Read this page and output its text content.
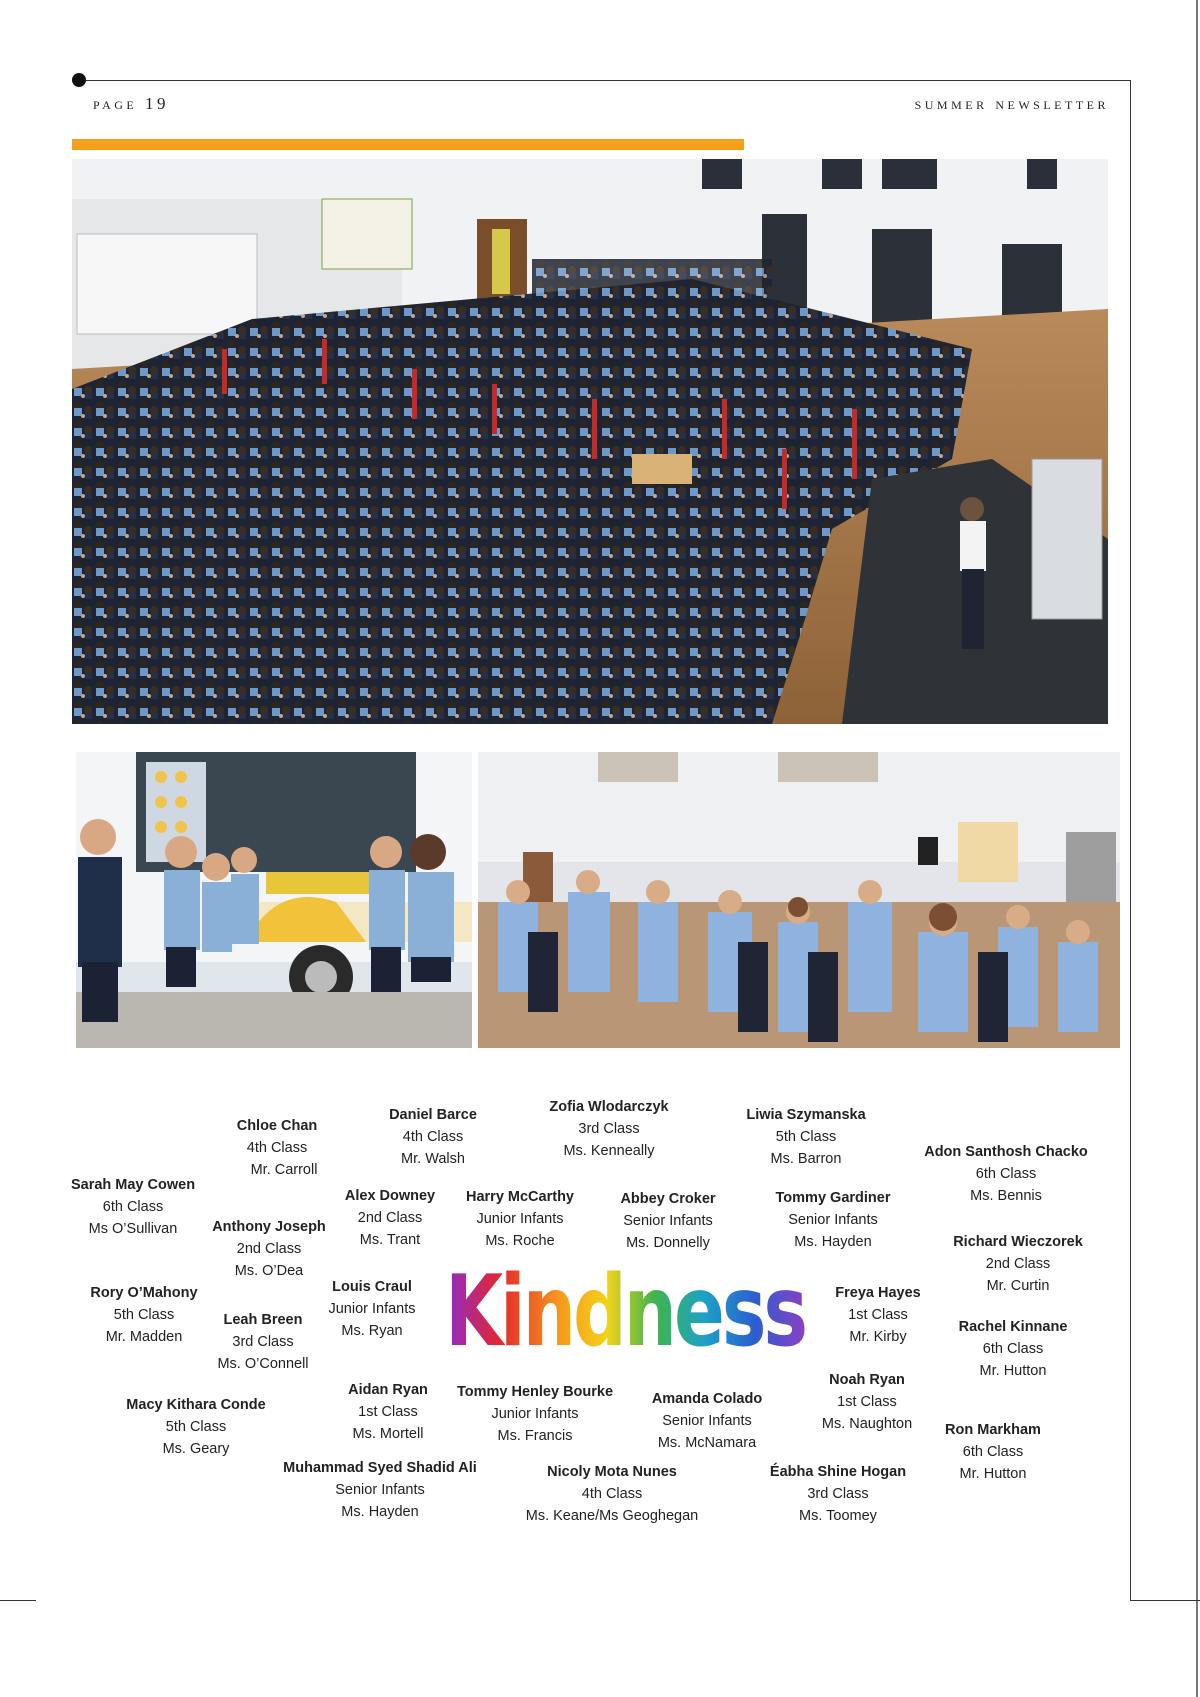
page 19	summer newsletter
Kindness
Chloe Chan
4th Class
Mr. Carroll
Daniel Barce
4th Class
Mr. Walsh
Zofia Wlodarczyk
3rd Class
Ms. Kenneally
Liwia Szymanska
5th Class
Ms. Barron	Adon Santhosh Chacko
6th Class
Ms. Bennis
Sarah May Cowen
6th Class
Ms O’Sullivan
Alex Downey
2nd Class
Ms. Trant
Harry McCarthy
Junior Infants
Ms. Roche
Abbey Croker
Senior Infants
Ms. Donnelly
Tommy Gardiner
Senior Infants
Ms. Hayden
Anthony Joseph
2nd Class
Ms. O’Dea
Richard Wieczorek
2nd Class
Mr. Curtin
Rory O’Mahony
5th Class
Mr. Madden
Louis Craul
Junior Infants
Ms. Ryan
Freya Hayes
1st Class
Mr. Kirby
Leah Breen
3rd Class
Ms. O’Connell
Rachel Kinnane
6th Class
Mr. Hutton
Noah Ryan
1st Class
Ms. Naughton
Aidan Ryan
1st Class
Ms. Mortell
Tommy Henley Bourke
Junior Infants
Ms. Francis
Amanda Colado
Senior Infants
Ms. McNamara
Macy Kithara Conde
5th Class
Ms. Geary
Ron Markham
6th Class
Mr. Hutton
Muhammad Syed Shadid Ali
Senior Infants
Ms. Hayden
Nicoly Mota Nunes
4th Class
Ms. Keane/Ms Geoghegan
Éabha Shine Hogan
3rd Class
Ms. Toomey
